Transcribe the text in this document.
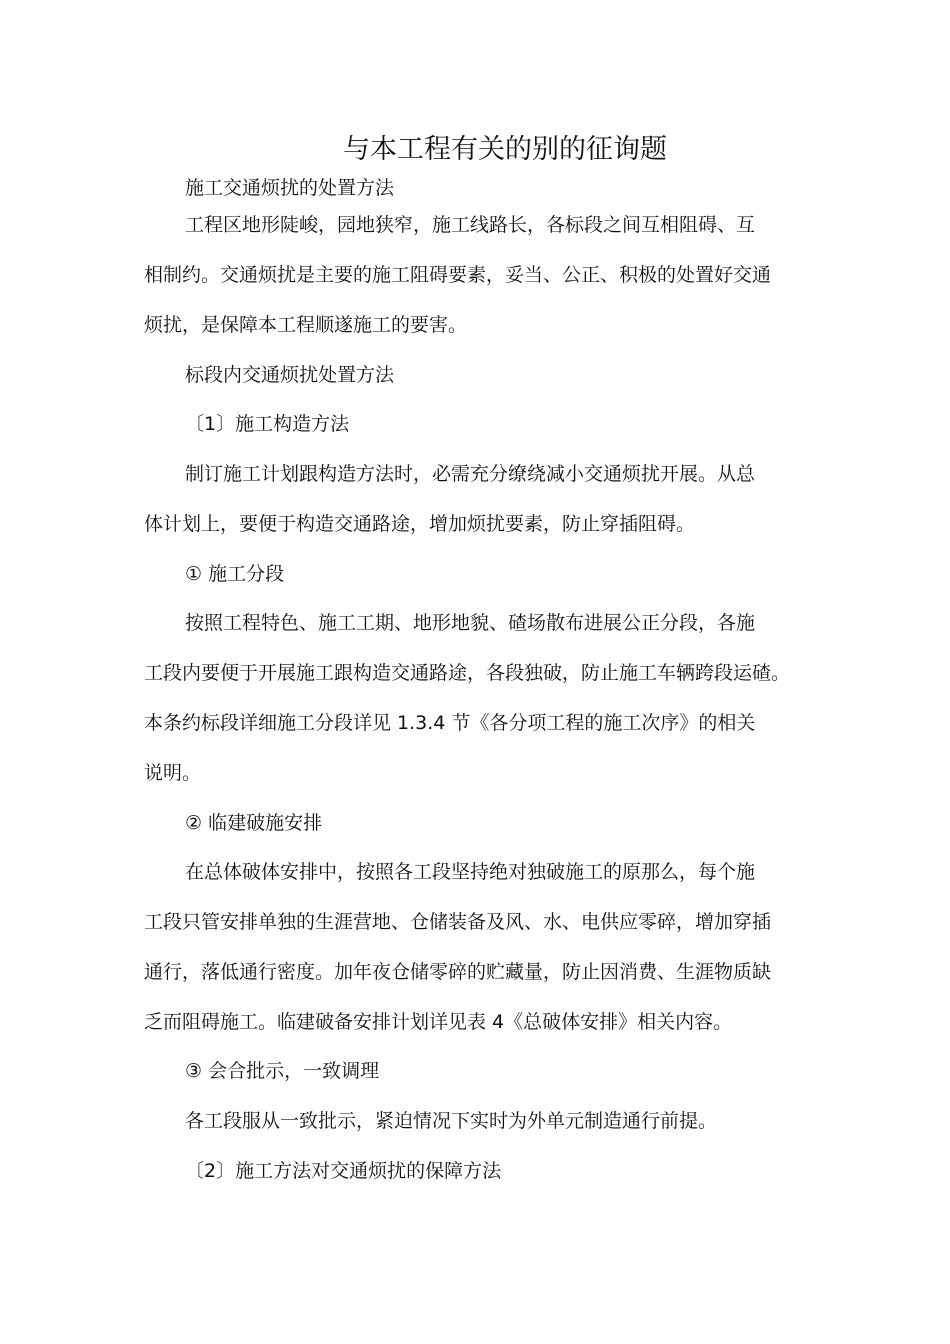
与本工程有关的别的征询题
施工交通烦扰的处置方法
工程区地形陡峻，园地狭窄，施工线路长，各标段之间互相阻碍、互
相制约。交通烦扰是主要的施工阻碍要素，妥当、公正、积极的处置好交通
烦扰，是保障本工程顺遂施工的要害。
标段内交通烦扰处置方法
〔1〕施工构造方法
制订施工计划跟构造方法时，必需充分缭绕减小交通烦扰开展。从总
体计划上，要便于构造交通路途，增加烦扰要素，防止穿插阻碍。
① 施工分段
按照工程特色、施工工期、地形地貌、碴场散布进展公正分段，各施
工段内要便于开展施工跟构造交通路途，各段独破，防止施工车辆跨段运碴。
本条约标段详细施工分段详见 1.3.4 节《各分项工程的施工次序》的相关
说明。
② 临建破施安排
在总体破体安排中，按照各工段坚持绝对独破施工的原那么，每个施
工段只管安排单独的生涯营地、仓储装备及风、水、电供应零碎，增加穿插
通行，落低通行密度。加年夜仓储零碎的贮藏量，防止因消费、生涯物质缺
乏而阻碍施工。临建破备安排计划详见表 4《总破体安排》相关内容。
③ 会合批示，一致调理
各工段服从一致批示，紧迫情况下实时为外单元制造通行前提。
〔2〕施工方法对交通烦扰的保障方法
